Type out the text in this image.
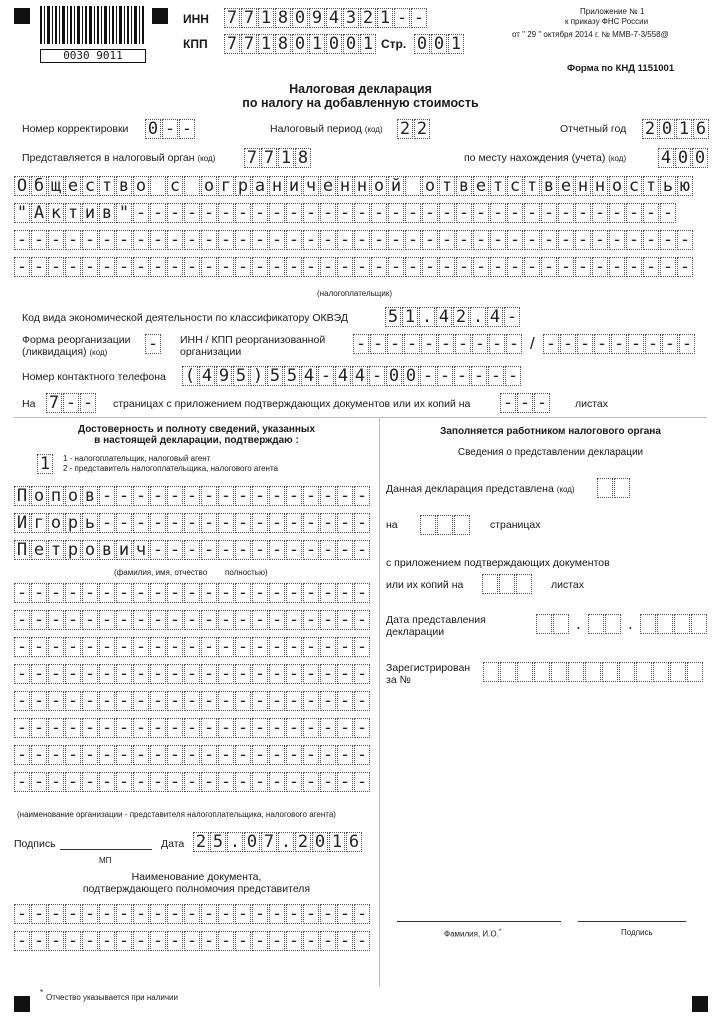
0030 9011
ИНН 7 7 1 8 0 9 4 3 2 1 - -
КПП 7 7 1 8 0 1 0 0 1 Стр. 0 0 1
Приложение № 1
к приказу ФНС России
от " 29 " октября 2014 г. № ММВ-7-3/558@
Форма по КНД 1151001
Налоговая декларация
по налогу на добавленную стоимость
Номер корректировки 0 - -	Налоговый период (код) 2 2	Отчетный год 2 0 1 6
Представляется в налоговый орган (код) 7 7 1 8	по месту нахождения (учета) (код) 4 0 0
О б щ е с т в о с о г р а н и ч е н н о й о т в е т с т в е н н о с т ь ю
" А к т и в " - - - - - - - - - - - - - - - - - - - - - - - - - - - - - - - -
- - - - - - - - - - - - - - - - - - - - - - - - - - - - - - - - - - - - - - - -
- - - - - - - - - - - - - - - - - - - - - - - - - - - - - - - - - - - - - - - -
(налогоплательщик)
Код вида экономической деятельности по классификатору ОКВЭД 5 1 . 4 2 . 4 -
Форма реорганизации
(ликвидация) (код) - ИНН / КПП реорганизованной
организации	- - - - - - - - - - / - - - - - - - - -
Номер контактного телефона ( 4 9 5 ) 5 5 4 - 4 4 - 0 0 - - - - - -
На 7 - - страницах с приложением подтверждающих документов или их копий на - - -	листах
Достоверность и полноту сведений, указанных
в настоящей декларации, подтверждаю :
1	1 - налогоплательщик, налоговый агент
2 - представитель налогоплательщика, налогового агента
П о п о в - - - - - - - - - - - - - - - -
И г о р ь - - - - - - - - - - - - - - - -
П е т р о в и ч - - - - - - - - - - - - -
(фамилия, имя, отчество полностью)
- - - - - - - - - - - - - - - - - - - - -
- - - - - - - - - - - - - - - - - - - - -
- - - - - - - - - - - - - - - - - - - - -
- - - - - - - - - - - - - - - - - - - - -
- - - - - - - - - - - - - - - - - - - - -
- - - - - - - - - - - - - - - - - - - - -
- - - - - - - - - - - - - - - - - - - - -
- - - - - - - - - - - - - - - - - - - - -
(наименование организации - представителя налогоплательщика, налогового агента)
Подпись
МП
Дата 2 5 . 0 7 . 2 0 1 6
Наименование документа,
подтверждающего полномочия представителя
- - - - - - - - - - - - - - - - - - - - -
- - - - - - - - - - - - - - - - - - - - -
Заполняется работником налогового органа
Сведения о представлении декларации
Данная декларация представлена (код)
на	страницах
с приложением подтверждающих документов
или их копий на	листах
Дата представления
декларации	.	.
Зарегистрирован
за №
Фамилия, И.О.*	Подпись
*
Отчество указывается при наличии
